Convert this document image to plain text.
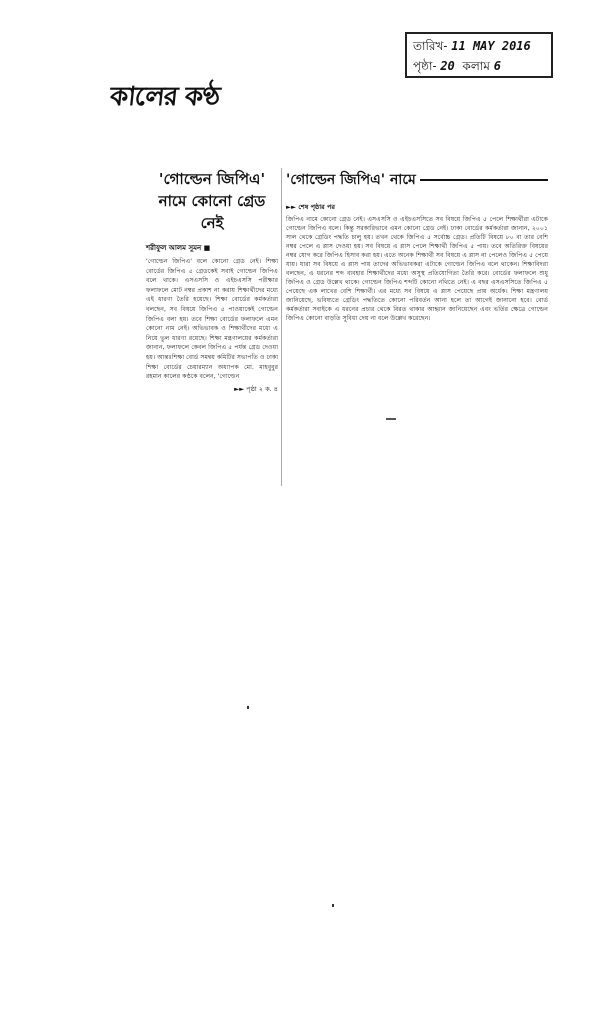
তারিখ- 11 MAY 2016
পৃষ্ঠা- 20 কলাম 6
কালের কণ্ঠ
'গোল্ডেন জিপিএ' নামে কোনো গ্রেড নেই
শরীফুল আলম সুমন ■
'গোল্ডেন জিপিএ' বলে কোনো গ্রেড নেই। শিক্ষা বোর্ডের জিপিএ ৫ গ্রেডকেই সবাই গোল্ডেন জিপিএ বলে থাকে। এসএসসি ও এইচএসসি পরীক্ষার ফলাফলে মোট নম্বর প্রকাশ না করায় শিক্ষার্থীদের মধ্যে এই ধারণা তৈরি হয়েছে। শিক্ষা বোর্ডের কর্মকর্তারা বলছেন, সব বিষয়ে জিপিএ ৫ পাওয়াকেই গোল্ডেন জিপিএ বলা হয়। তবে শিক্ষা বোর্ডের ফলাফলে এমন কোনো নাম নেই। অভিভাবক ও শিক্ষার্থীদের মধ্যে এ নিয়ে ভুল ধারণা রয়েছে। শিক্ষা মন্ত্রণালয়ের কর্মকর্তারা জানান, ফলাফলে কেবল জিপিএ ৫ পর্যন্ত গ্রেড দেওয়া হয়। আন্তঃশিক্ষা বোর্ড সমন্বয় কমিটির সভাপতি ও ঢাকা শিক্ষা বোর্ডের চেয়ারম্যান অধ্যাপক মো. মাহবুবুর রহমান কালের কণ্ঠকে বলেন, 'গোল্ডেন
►► পৃষ্ঠা ২ ক. ৪
'গোল্ডেন জিপিএ' নামে
►► শেষ পৃষ্ঠার পর
জিপিএ নামে কোনো গ্রেড নেই। এসএসসি ও এইচএসসিতে সব বিষয়ে জিপিএ ৫ পেলে শিক্ষার্থীরা এটাকে গোল্ডেন জিপিএ বলে। কিন্তু সরকারিভাবে এমন কোনো গ্রেড নেই। ঢাকা বোর্ডের কর্মকর্তারা জানান, ২০০১ সাল থেকে গ্রেডিং পদ্ধতি চালু হয়। তখন থেকে জিপিএ ৫ সর্বোচ্চ গ্রেড। প্রতিটি বিষয়ে ৮০ বা তার বেশি নম্বর পেলে এ প্লাস দেওয়া হয়। সব বিষয়ে এ প্লাস পেলে শিক্ষার্থী জিপিএ ৫ পায়। তবে অতিরিক্ত বিষয়ের নম্বর যোগ করে জিপিএ হিসাব করা হয়। এতে অনেক শিক্ষার্থী সব বিষয়ে এ প্লাস না পেলেও জিপিএ ৫ পেয়ে যায়। যারা সব বিষয়ে এ প্লাস পায় তাদের অভিভাবকরা এটাকে গোল্ডেন জিপিএ বলে থাকেন। শিক্ষাবিদরা বলছেন, এ ধরনের শব্দ ব্যবহার শিক্ষার্থীদের মধ্যে অসুস্থ প্রতিযোগিতা তৈরি করে। বোর্ডের ফলাফলে শুধু জিপিএ ও গ্রেড উল্লেখ থাকে। গোল্ডেন জিপিএ শব্দটি কোনো নথিতে নেই। এ বছর এসএসসিতে জিপিএ ৫ পেয়েছে এক লাখের বেশি শিক্ষার্থী। এর মধ্যে সব বিষয়ে এ প্লাস পেয়েছে প্রায় অর্ধেক। শিক্ষা মন্ত্রণালয় জানিয়েছে, ভবিষ্যতে গ্রেডিং পদ্ধতিতে কোনো পরিবর্তন আনা হলে তা আগেই জানানো হবে। বোর্ড কর্মকর্তারা সবাইকে এ ধরনের প্রচার থেকে বিরত থাকার আহ্বান জানিয়েছেন এবং ভর্তির ক্ষেত্রে গোল্ডেন জিপিএ কোনো বাড়তি সুবিধা দেয় না বলে উল্লেখ করেছেন।
